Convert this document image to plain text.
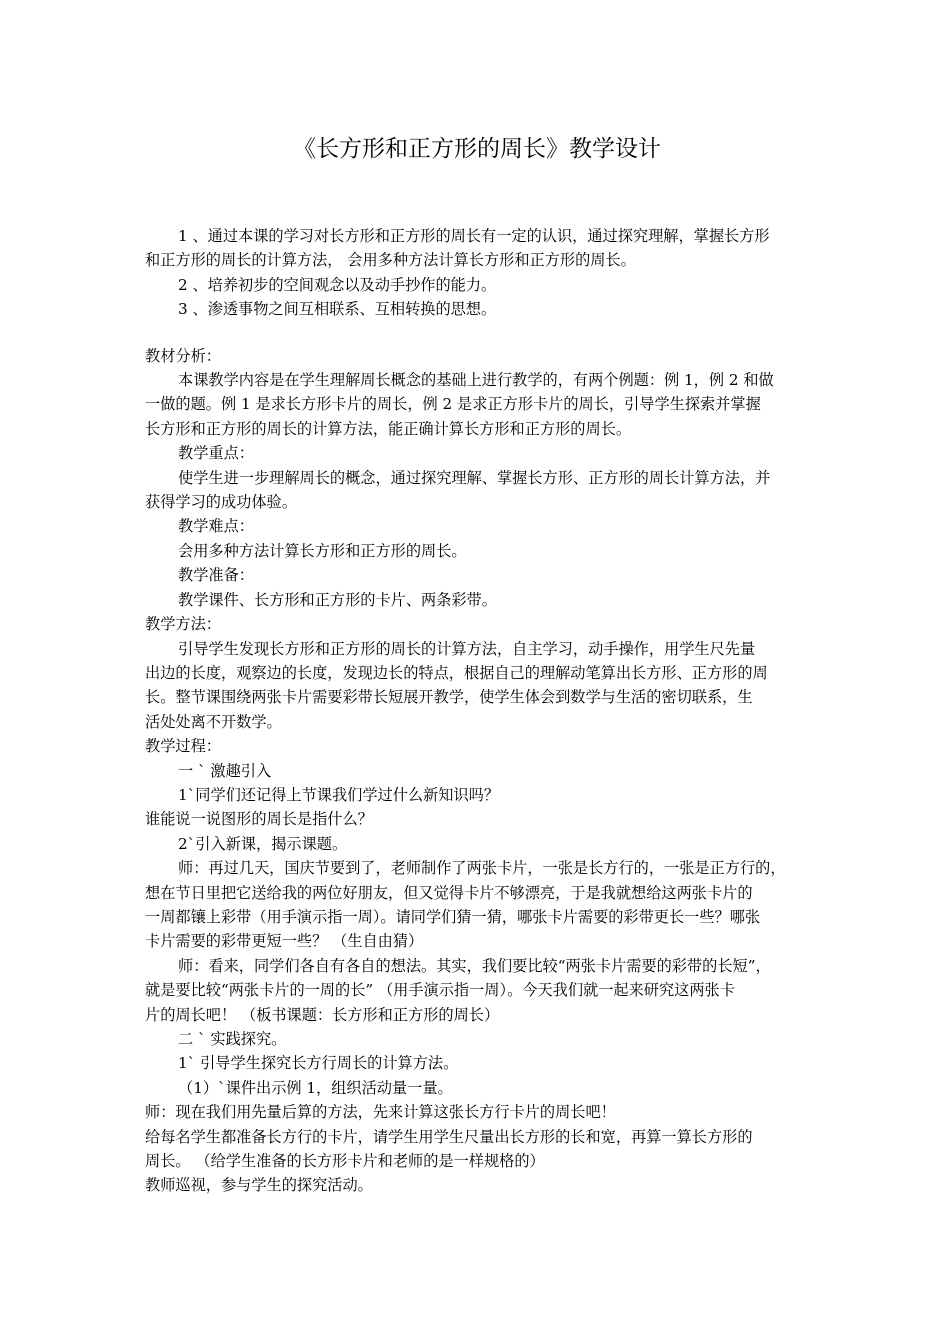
《长方形和正方形的周长》教学设计

1 、通过本课的学习对长方形和正方形的周长有一定的认识，通过探究理解，掌握长方形

和正方形的周长的计算方法， 会用多种方法计算长方形和正方形的周长。

2 、培养初步的空间观念以及动手抄作的能力。

3 、渗透事物之间互相联系、互相转换的思想。

教材分析：

本课教学内容是在学生理解周长概念的基础上进行教学的，有两个例题：例 1，例 2 和做

一做的题。例 1 是求长方形卡片的周长，例 2 是求正方形卡片的周长，引导学生探索并掌握

长方形和正方形的周长的计算方法，能正确计算长方形和正方形的周长。

教学重点：

使学生进一步理解周长的概念，通过探究理解、掌握长方形、正方形的周长计算方法，并

获得学习的成功体验。

教学难点：

会用多种方法计算长方形和正方形的周长。

教学准备：

教学课件、长方形和正方形的卡片、两条彩带。

教学方法：

引导学生发现长方形和正方形的周长的计算方法，自主学习，动手操作，用学生尺先量

出边的长度，观察边的长度，发现边长的特点，根据自己的理解动笔算出长方形、正方形的周

长。整节课围绕两张卡片需要彩带长短展开教学，使学生体会到数学与生活的密切联系，生

活处处离不开数学。

教学过程：

一 ` 激趣引入

1`同学们还记得上节课我们学过什么新知识吗？

谁能说一说图形的周长是指什么？

2`引入新课，揭示课题。

师：再过几天，国庆节要到了，老师制作了两张卡片，一张是长方行的，一张是正方行的，

想在节日里把它送给我的两位好朋友，但又觉得卡片不够漂亮，于是我就想给这两张卡片的

一周都镶上彩带（用手演示指一周）。请同学们猜一猜，哪张卡片需要的彩带更长一些？哪张

卡片需要的彩带更短一些？ （生自由猜）

师：看来，同学们各自有各自的想法。其实，我们要比较“两张卡片需要的彩带的长短”，

就是要比较“两张卡片的一周的长” （用手演示指一周）。今天我们就一起来研究这两张卡

片的周长吧！ （板书课题：长方形和正方形的周长）

二 ` 实践探究。

1` 引导学生探究长方行周长的计算方法。

（1）`课件出示例 1，组织活动量一量。

师：现在我们用先量后算的方法，先来计算这张长方行卡片的周长吧！

给每名学生都准备长方行的卡片，请学生用学生尺量出长方形的长和宽，再算一算长方形的

周长。 （给学生准备的长方形卡片和老师的是一样规格的）

教师巡视，参与学生的探究活动。
